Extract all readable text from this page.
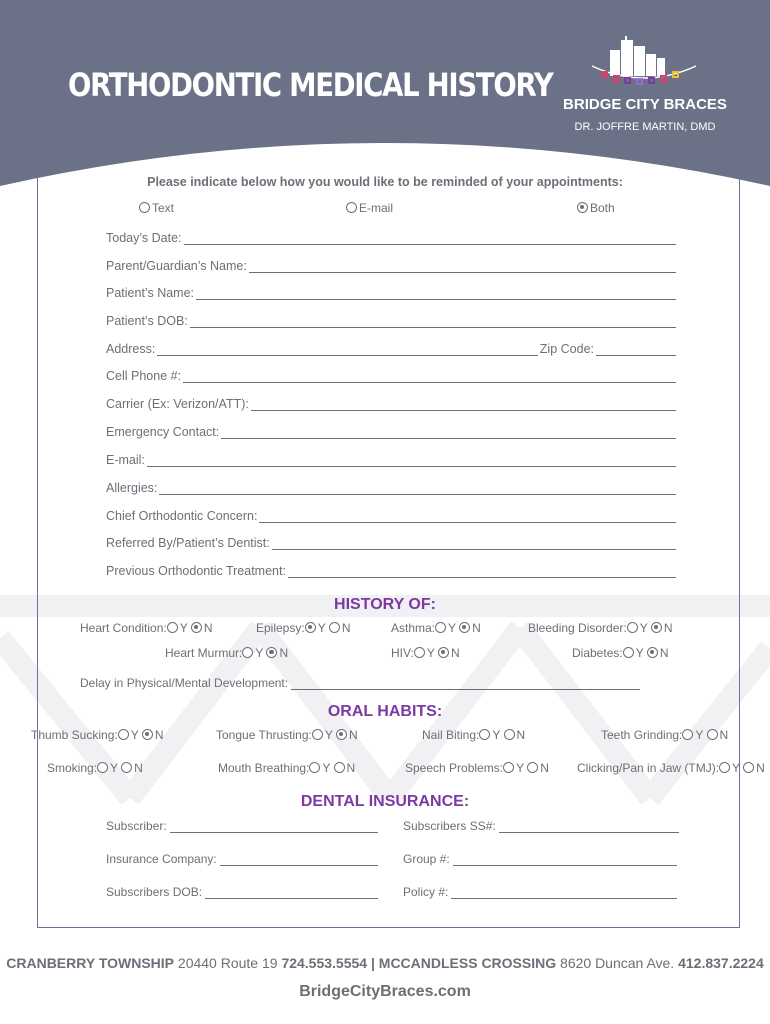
ORTHODONTIC MEDICAL HISTORY
BRIDGE CITY BRACES
DR. JOFFRE MARTIN, DMD
Please indicate below how you would like to be reminded of your appointments:
Text	E-mail	Both
Today’s Date:
Parent/Guardian’s Name:
Patient’s Name:
Patient’s DOB:
Address:	Zip Code:
Cell Phone #:
Carrier (Ex: Verizon/ATT):
Emergency Contact:
E-mail:
Allergies:
Chief Orthodontic Concern:
Referred By/Patient’s Dentist:
Previous Orthodontic Treatment:
HISTORY OF:
Heart Condition: Y N	Epilepsy: Y N	Asthma: Y N	Bleeding Disorder: Y N
Heart Murmur: Y N	HIV: Y N	Diabetes: Y N
Delay in Physical/Mental Development:
ORAL HABITS:
Thumb Sucking: Y N	Tongue Thrusting: Y N	Nail Biting: Y N	Teeth Grinding: Y N
Smoking: Y N	Mouth Breathing: Y N	Speech Problems: Y N Clicking/Pan in Jaw (TMJ): Y N
DENTAL INSURANCE:
Subscriber:	Subscribers SS#:
Insurance Company:	Group #:
Subscribers DOB:	Policy #:
CRANBERRY TOWNSHIP 20440 Route 19 724.553.5554 | MCCANDLESS CROSSING 8620 Duncan Ave. 412.837.2224
BridgeCityBraces.com
